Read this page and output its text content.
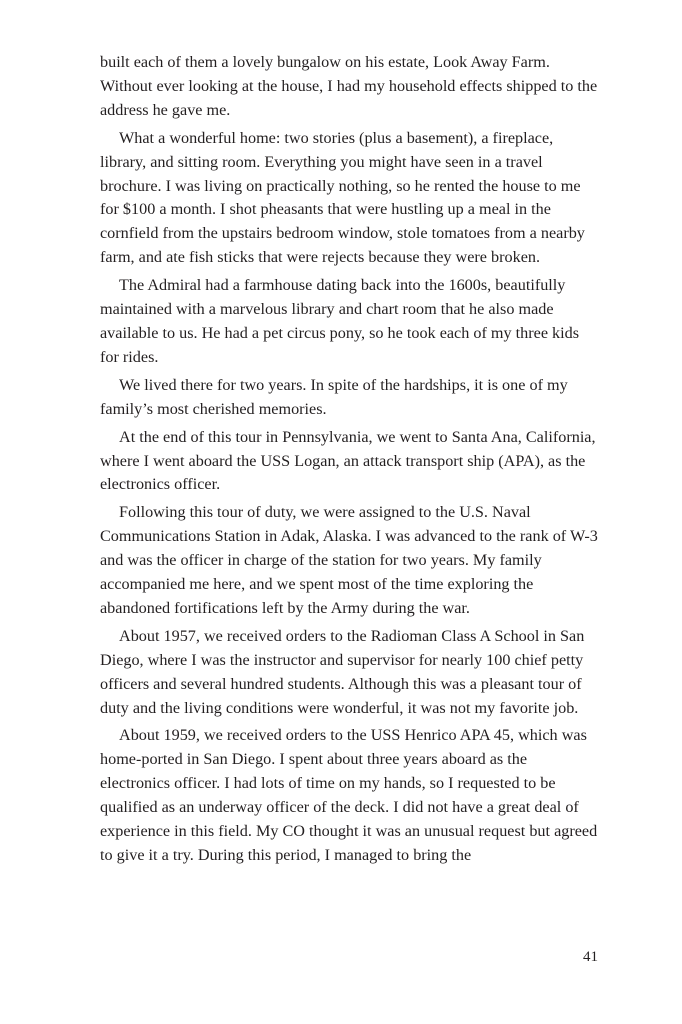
built each of them a lovely bungalow on his estate, Look Away Farm. Without ever looking at the house, I had my household effects shipped to the address he gave me.

What a wonderful home: two stories (plus a basement), a fireplace, library, and sitting room. Everything you might have seen in a travel brochure. I was living on practically nothing, so he rented the house to me for $100 a month. I shot pheasants that were hustling up a meal in the cornfield from the upstairs bedroom window, stole tomatoes from a nearby farm, and ate fish sticks that were rejects because they were broken.

The Admiral had a farmhouse dating back into the 1600s, beautifully maintained with a marvelous library and chart room that he also made available to us. He had a pet circus pony, so he took each of my three kids for rides.

We lived there for two years. In spite of the hardships, it is one of my family’s most cherished memories.

At the end of this tour in Pennsylvania, we went to Santa Ana, California, where I went aboard the USS Logan, an attack transport ship (APA), as the electronics officer.

Following this tour of duty, we were assigned to the U.S. Naval Communications Station in Adak, Alaska. I was advanced to the rank of W-3 and was the officer in charge of the station for two years. My family accompanied me here, and we spent most of the time exploring the abandoned fortifications left by the Army during the war.

About 1957, we received orders to the Radioman Class A School in San Diego, where I was the instructor and supervisor for nearly 100 chief petty officers and several hundred students. Although this was a pleasant tour of duty and the living conditions were wonderful, it was not my favorite job.

About 1959, we received orders to the USS Henrico APA 45, which was home-ported in San Diego. I spent about three years aboard as the electronics officer. I had lots of time on my hands, so I requested to be qualified as an underway officer of the deck. I did not have a great deal of experience in this field. My CO thought it was an unusual request but agreed to give it a try. During this period, I managed to bring the

41
